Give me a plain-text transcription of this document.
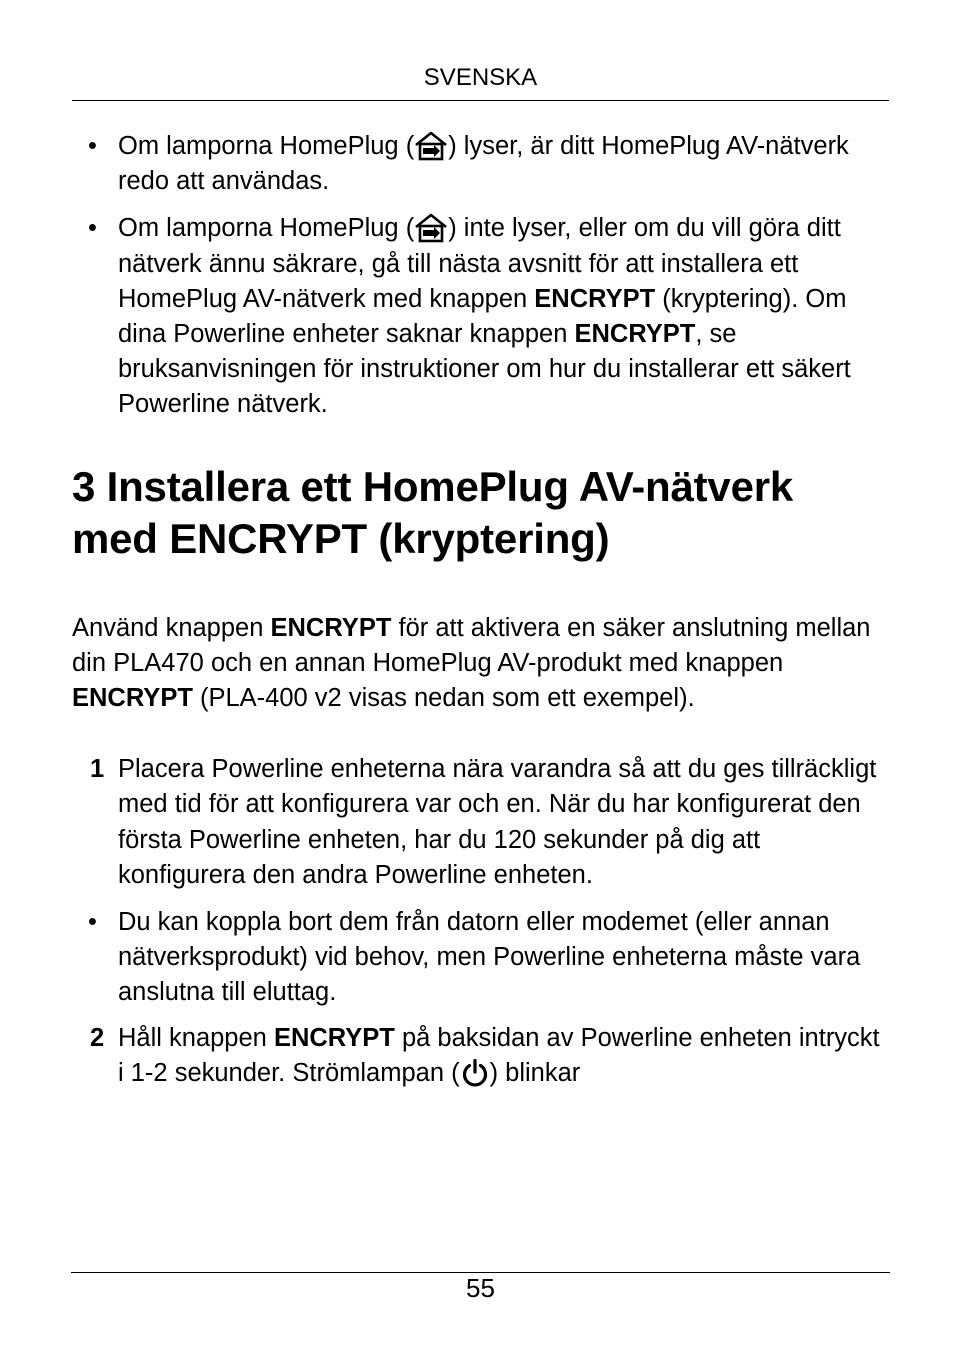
SVENSKA
• Om lamporna HomePlug ( ) lyser, är ditt HomePlug AV-nätverk redo att användas.
• Om lamporna HomePlug ( ) inte lyser, eller om du vill göra ditt nätverk ännu säkrare, gå till nästa avsnitt för att installera ett HomePlug AV-nätverk med knappen ENCRYPT (kryptering). Om dina Powerline enheter saknar knappen ENCRYPT, se bruksanvisningen för instruktioner om hur du installerar ett säkert Powerline nätverk.
3 Installera ett HomePlug AV-nätverk
med ENCRYPT (kryptering)

Använd knappen ENCRYPT för att aktivera en säker anslutning mellan din PLA470 och en annan HomePlug AV-produkt med knappen ENCRYPT (PLA-400 v2 visas nedan som ett exempel).

1 Placera Powerline enheterna nära varandra så att du ges tillräckligt med tid för att konfigurera var och en. När du har konfigurerat den första Powerline enheten, har du 120 sekunder på dig att konfigurera den andra Powerline enheten.
• Du kan koppla bort dem från datorn eller modemet (eller annan nätverksprodukt) vid behov, men Powerline enheterna måste vara anslutna till eluttag.
2 Håll knappen ENCRYPT på baksidan av Powerline enheten intryckt i 1-2 sekunder. Strömlampan ( ) blinkar
55
